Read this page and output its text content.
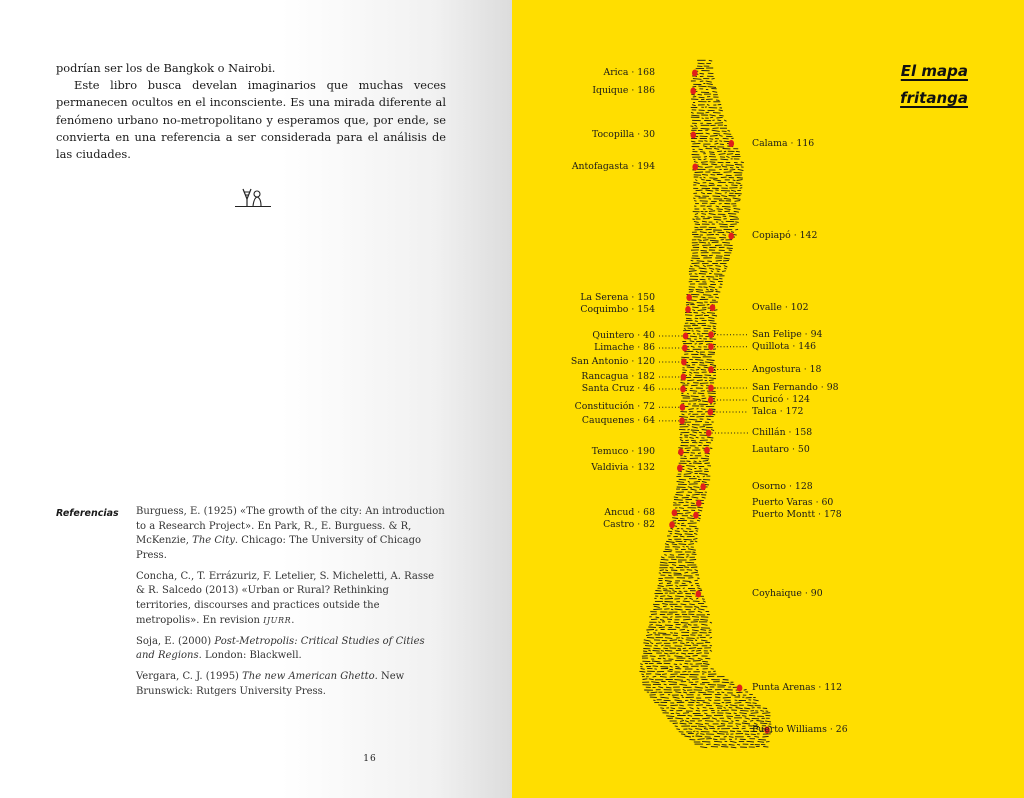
podrían ser los de Bangkok o Nairobi.

Este libro busca develan imaginarios que muchas veces permanecen ocultos en el inconsciente. Es una mirada diferente al fenómeno urbano no-metropolitano y esperamos que, por ende, se convierta en una referencia a ser considerada para el análisis de las ciudades.

Referencias Burguess, E. (1925) «The growth of the city: An introduction to a Research Project». En Park, R., E. Burguess. & R, McKenzie, The City. Chicago: The University of Chicago Press.

Concha, C., T. Errázuriz, F. Letelier, S. Micheletti, A. Rasse & R. Salcedo (2013) «Urban or Rural? Rethinking territories, discourses and practices outside the metropolis». En revision IJURR.

Soja, E. (2000) Post-Metropolis: Critical Studies of Cities and Regions. London: Blackwell.

Vergara, C. J. (1995) The new American Ghetto. New Brunswick: Rutgers University Press.

16
Arica · 168
Iquique · 186
Tocopilla · 30
Calama · 116
Antofagasta · 194
Copiapó · 142
La Serena · 150
Coquimbo · 154	Ovalle · 102
Quintero · 40	San Felipe · 94
Limache · 86	Quillota · 146
San Antonio · 120
Angostura · 18
Rancagua · 182
San Fernando · 98
Santa Cruz · 46
Curicó · 124
Constitución · 72	Talca · 172
Cauquenes · 64
Chillán · 158
Lautaro · 50
Temuco · 190
Valdivia · 132
Osorno · 128
Puerto Varas · 60
Ancud · 68	Puerto Montt · 178
Castro · 82
Coyhaique · 90
Punta Arenas · 112
Puerto Williams · 26
El mapa
fritanga
